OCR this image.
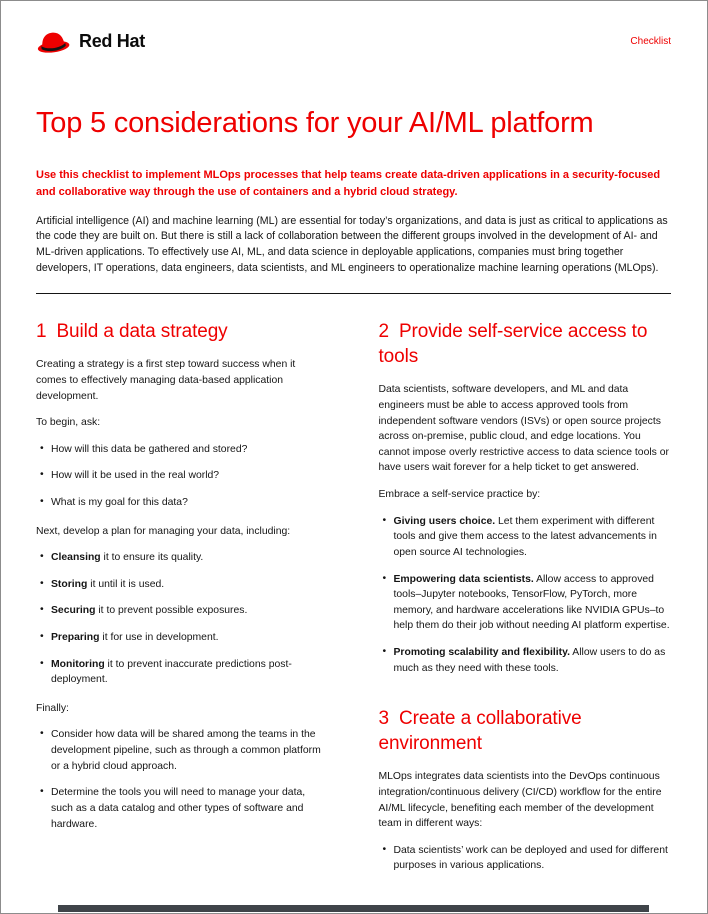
Red Hat	Checklist
Top 5 considerations for your AI/ML platform

Use this checklist to implement MLOps processes that help teams create data-driven applications in a security-focused and collaborative way through the use of containers and a hybrid cloud strategy.

Artificial intelligence (AI) and machine learning (ML) are essential for today’s organizations, and data is just as critical to applications as the code they are built on. But there is still a lack of collaboration between the different groups involved in the development of AI- and ML-driven applications. To effectively use AI, ML, and data science in deployable applications, companies must bring together developers, IT operations, data engineers, data scientists, and ML engineers to operationalize machine learning operations (MLOps).

1 Build a data strategy

Creating a strategy is a first step toward success when it comes to effectively managing data-based application development.

To begin, ask:

• How will this data be gathered and stored?
• How will it be used in the real world?
• What is my goal for this data?

Next, develop a plan for managing your data, including:

• Cleansing it to ensure its quality.
• Storing it until it is used.
• Securing it to prevent possible exposures.
• Preparing it for use in development.
• Monitoring it to prevent inaccurate predictions post-deployment.

Finally:

• Consider how data will be shared among the teams in the development pipeline, such as through a common platform or a hybrid cloud approach.
• Determine the tools you will need to manage your data, such as a data catalog and other types of software and hardware.
2 Provide self-service access to tools

Data scientists, software developers, and ML and data engineers must be able to access approved tools from independent software vendors (ISVs) or open source projects across on-premise, public cloud, and edge locations. You cannot impose overly restrictive access to data science tools or have users wait forever for a help ticket to get answered.

Embrace a self-service practice by:

• Giving users choice. Let them experiment with different tools and give them access to the latest advancements in open source AI technologies.
• Empowering data scientists. Allow access to approved tools–Jupyter notebooks, TensorFlow, PyTorch, more memory, and hardware accelerations like NVIDIA GPUs–to help them do their job without needing AI platform expertise.
• Promoting scalability and flexibility. Allow users to do as much as they need with these tools.
3 Create a collaborative environment

MLOps integrates data scientists into the DevOps continuous integration/continuous delivery (CI/CD) workflow for the entire AI/ML lifecycle, benefiting each member of the development team in different ways:

• Data scientists’ work can be deployed and used for different purposes in various applications.
